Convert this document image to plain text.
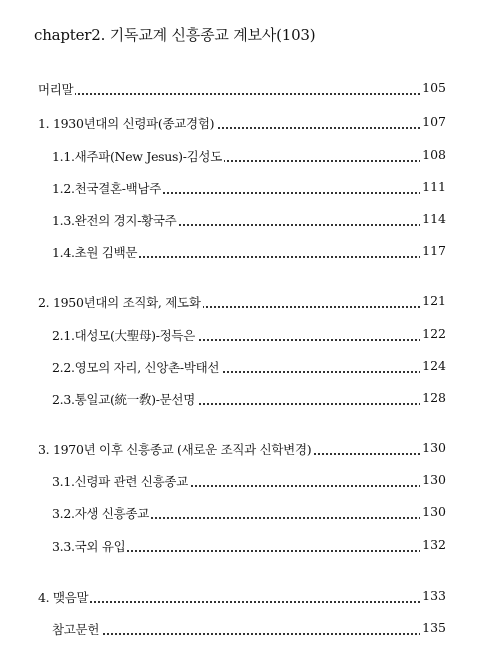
chapter2. 기독교계 신흥종교 계보사(103)
머리말	105
1. 1930년대의 신령파(종교경험)	107
1.1.새주파(New Jesus)-김성도	108
1.2.천국결혼-백남주	111
1.3.완전의 경지-황국주	114
1.4.초원 김백문	117
2. 1950년대의 조직화, 제도화	121
2.1.대성모(大聖母)-정득은	122
2.2.영모의 자리, 신앙촌-박태선	124
2.3.통일교(統一敎)-문선명	128
3. 1970년 이후 신흥종교 (새로운 조직과 신학변경)	130
3.1.신령파 관련 신흥종교	130
3.2.자생 신흥종교	130
3.3.국외 유입	132
4. 맺음말	133
참고문헌	135
